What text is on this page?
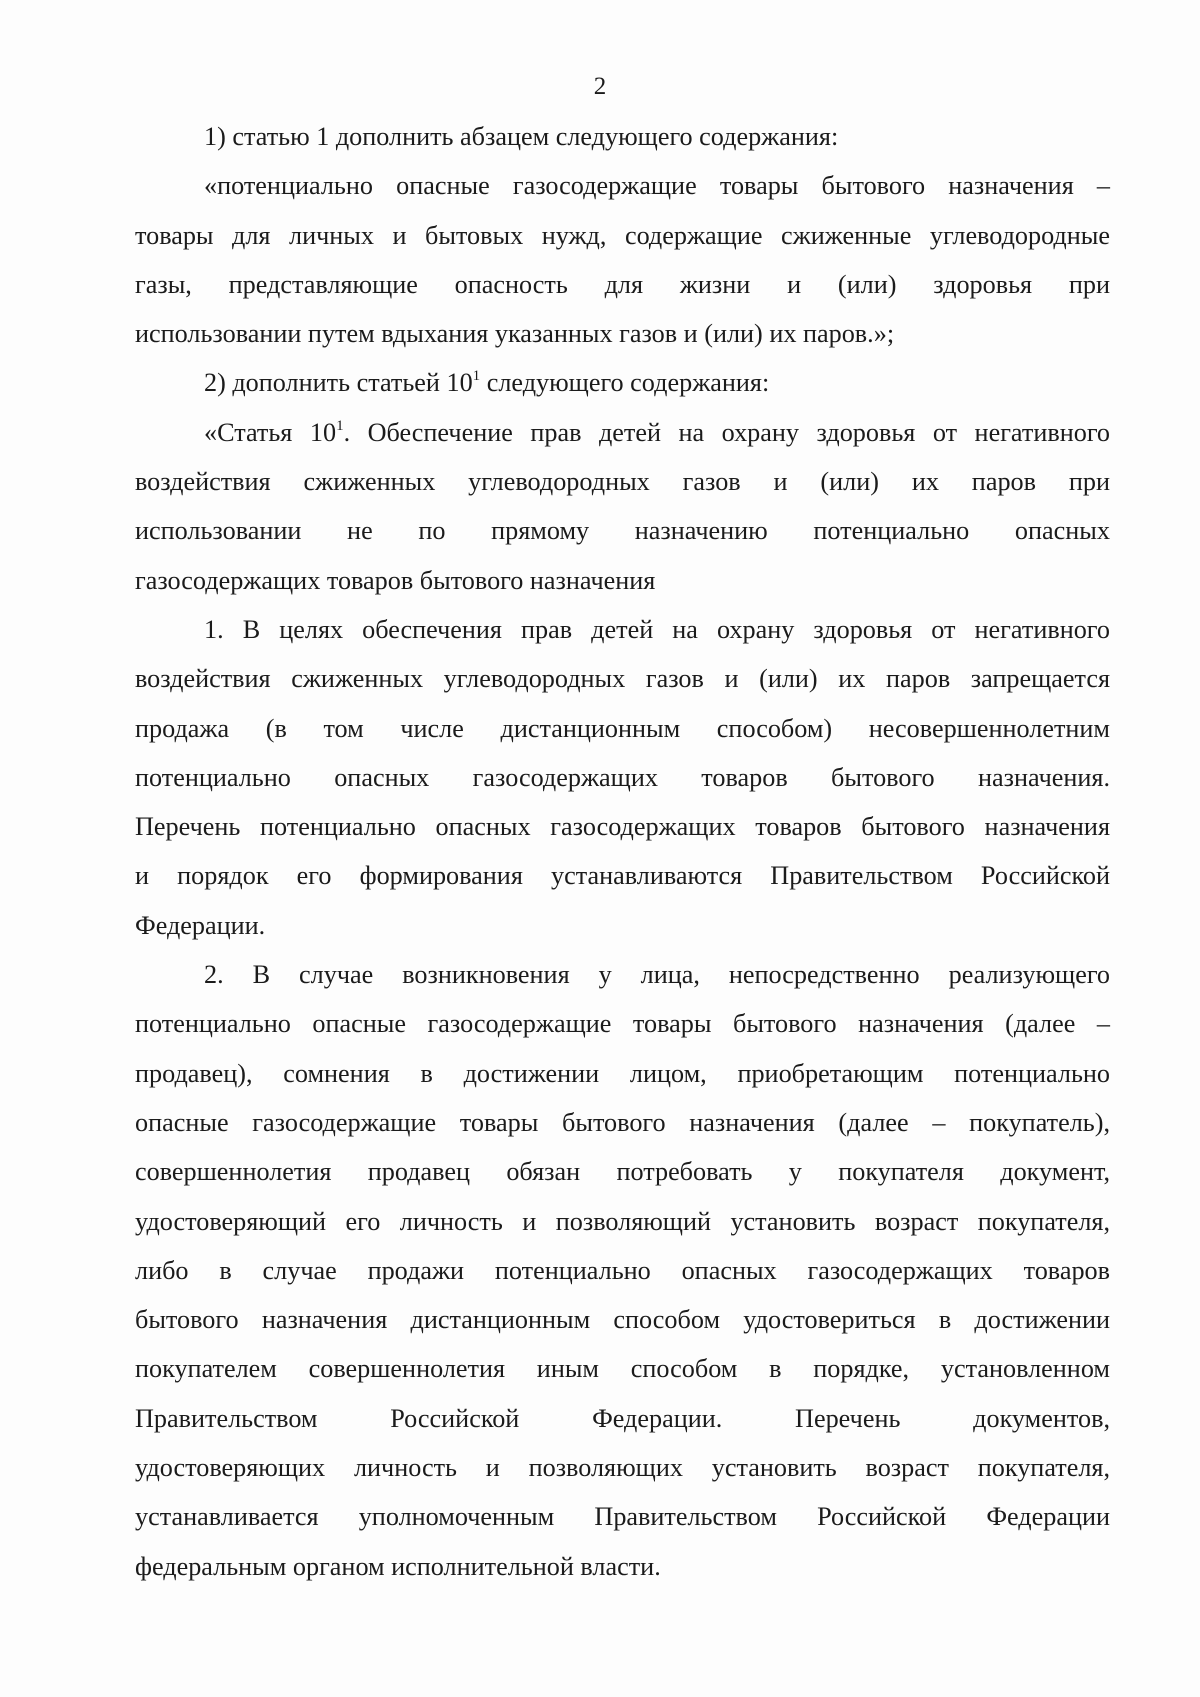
2
1) статью 1 дополнить абзацем следующего содержания:
«потенциально опасные газосодержащие товары бытового назначения –
товары для личных и бытовых нужд, содержащие сжиженные углеводородные
газы, представляющие опасность для жизни и (или) здоровья при
использовании путем вдыхания указанных газов и (или) их паров.»;
2) дополнить статьей $10^1$ следующего содержания:
«Статья $10^1$. Обеспечение прав детей на охрану здоровья от негативного
воздействия сжиженных углеводородных газов и (или) их паров при
использовании не по прямому назначению потенциально опасных
газосодержащих товаров бытового назначения
1. В целях обеспечения прав детей на охрану здоровья от негативного
воздействия сжиженных углеводородных газов и (или) их паров запрещается
продажа (в том числе дистанционным способом) несовершеннолетним
потенциально опасных газосодержащих товаров бытового назначения.
Перечень потенциально опасных газосодержащих товаров бытового назначения
и порядок его формирования устанавливаются Правительством Российской
Федерации.
2. В случае возникновения у лица, непосредственно реализующего
потенциально опасные газосодержащие товары бытового назначения (далее –
продавец), сомнения в достижении лицом, приобретающим потенциально
опасные газосодержащие товары бытового назначения (далее – покупатель),
совершеннолетия продавец обязан потребовать у покупателя документ,
удостоверяющий его личность и позволяющий установить возраст покупателя,
либо в случае продажи потенциально опасных газосодержащих товаров
бытового назначения дистанционным способом удостовериться в достижении
покупателем совершеннолетия иным способом в порядке, установленном
Правительством Российской Федерации. Перечень документов,
удостоверяющих личность и позволяющих установить возраст покупателя,
устанавливается уполномоченным Правительством Российской Федерации
федеральным органом исполнительной власти.
